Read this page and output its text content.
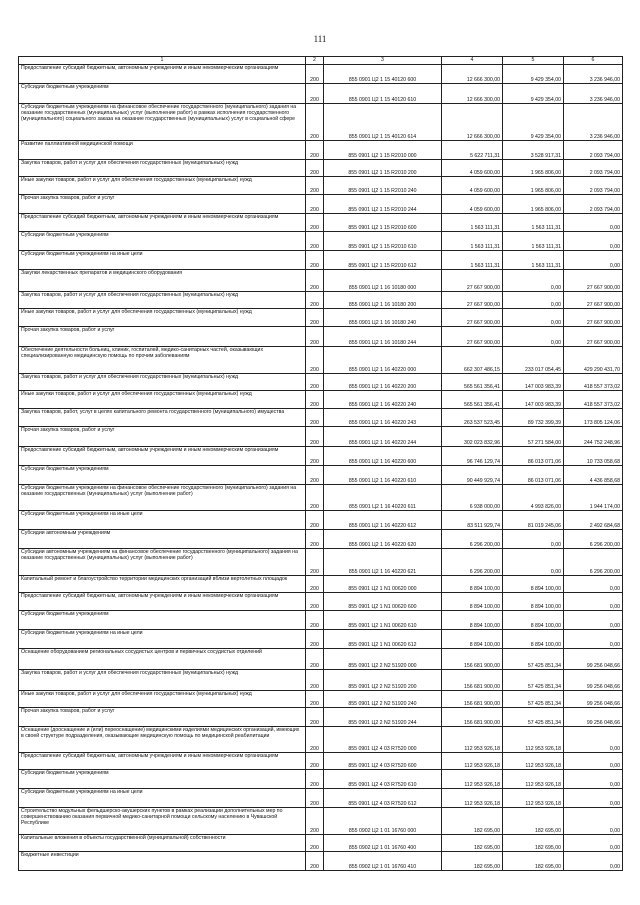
111
1	2	3	4	5	6
Предоставление субсидий бюджетным, автономным учреждениям и иным некоммерческим организациям	200	855 0901 Ц2 1 15 40120 600	12 666 300,00	9 429 354,00	3 236 946,00
Субсидии бюджетным учреждениям	200	855 0901 Ц2 1 15 40120 610	12 666 300,00	9 429 354,00	3 236 946,00
Субсидии бюджетным учреждениям на финансовое обеспечение государственного (муниципального) задания на оказание государственных (муниципальных) услуг (выполнение работ) в рамках исполнения государственного (муниципального) социального заказа на оказание государственных (муниципальных) услуг в социальной сфере	200	855 0901 Ц2 1 15 40120 614	12 666 300,00	9 429 354,00	3 236 946,00
Развитие паллиативной медицинской помощи	200	855 0901 Ц2 1 15 R2010 000	5 622 711,31	3 528 917,31	2 093 794,00
Закупка товаров, работ и услуг для обеспечения государственных (муниципальных) нужд	200	855 0901 Ц2 1 15 R2010 200	4 059 600,00	1 965 806,00	2 093 794,00
Иные закупки товаров, работ и услуг для обеспечения государственных (муниципальных) нужд	200	855 0901 Ц2 1 15 R2010 240	4 059 600,00	1 965 806,00	2 093 794,00
Прочая закупка товаров, работ и услуг	200	855 0901 Ц2 1 15 R2010 244	4 059 600,00	1 965 806,00	2 093 794,00
Предоставление субсидий бюджетным, автономным учреждениям и иным некоммерческим организациям	200	855 0901 Ц2 1 15 R2010 600	1 563 111,31	1 563 111,31	0,00
Субсидии бюджетным учреждениям	200	855 0901 Ц2 1 15 R2010 610	1 563 111,31	1 563 111,31	0,00
Субсидии бюджетным учреждениям на иные цели	200	855 0901 Ц2 1 15 R2010 612	1 563 111,31	1 563 111,31	0,00
Закупки лекарственных препаратов и медицинского оборудования	200	855 0901 Ц2 1 16 10180 000	27 667 900,00	0,00	27 667 900,00
Закупка товаров, работ и услуг для обеспечения государственных (муниципальных) нужд	200	855 0901 Ц2 1 16 10180 200	27 667 900,00	0,00	27 667 900,00
Иные закупки товаров, работ и услуг для обеспечения государственных (муниципальных) нужд	200	855 0901 Ц2 1 16 10180 240	27 667 900,00	0,00	27 667 900,00
Прочая закупка товаров, работ и услуг	200	855 0901 Ц2 1 16 10180 244	27 667 900,00	0,00	27 667 900,00
Обеспечение деятельности больниц, клиник, госпиталей, медико-санитарных частей, оказывающих специализированную медицинскую помощь по прочим заболеваниям	200	855 0901 Ц2 1 16 40220 000	662 307 486,15	233 017 054,45	429 290 431,70
Закупка товаров, работ и услуг для обеспечения государственных (муниципальных) нужд	200	855 0901 Ц2 1 16 40220 200	565 561 356,41	147 003 983,39	418 557 373,02
Иные закупки товаров, работ и услуг для обеспечения государственных (муниципальных) нужд	200	855 0901 Ц2 1 16 40220 240	565 561 356,41	147 003 983,39	418 557 373,02
Закупка товаров, работ, услуг в целях капитального ремонта государственного (муниципального) имущества	200	855 0901 Ц2 1 16 40220 243	263 537 523,45	89 732 399,39	173 805 124,06
Прочая закупка товаров, работ и услуг	200	855 0901 Ц2 1 16 40220 244	302 023 832,96	57 271 584,00	244 752 248,96
Предоставление субсидий бюджетным, автономным учреждениям и иным некоммерческим организациям	200	855 0901 Ц2 1 16 40220 600	96 746 129,74	86 013 071,06	10 733 058,68
Субсидии бюджетным учреждениям	200	855 0901 Ц2 1 16 40220 610	90 449 929,74	86 013 071,06	4 436 858,68
Субсидии бюджетным учреждениям на финансовое обеспечение государственного (муниципального) задания на оказание государственных (муниципальных) услуг (выполнение работ)	200	855 0901 Ц2 1 16 40220 611	6 938 000,00	4 993 826,00	1 944 174,00
Субсидии бюджетным учреждениям на иные цели	200	855 0901 Ц2 1 16 40220 612	83 511 929,74	81 019 245,06	2 492 684,68
Субсидии автономным учреждениям	200	855 0901 Ц2 1 16 40220 620	6 296 200,00	0,00	6 296 200,00
Субсидии автономным учреждениям на финансовое обеспечение государственного (муниципального) задания на оказание государственных (муниципальных) услуг (выполнение работ)	200	855 0901 Ц2 1 16 40220 621	6 296 200,00	0,00	6 296 200,00
Капитальный ремонт и благоустройство территории медицинских организаций вблизи вертолетных площадок	200	855 0901 Ц2 1 N1 00620 000	8 894 100,00	8 894 100,00	0,00
Предоставление субсидий бюджетным, автономным учреждениям и иным некоммерческим организациям	200	855 0901 Ц2 1 N1 00620 600	8 894 100,00	8 894 100,00	0,00
Субсидии бюджетным учреждениям	200	855 0901 Ц2 1 N1 00620 610	8 894 100,00	8 894 100,00	0,00
Субсидии бюджетным учреждениям на иные цели	200	855 0901 Ц2 1 N1 00620 612	8 894 100,00	8 894 100,00	0,00
Оснащение оборудованием региональных сосудистых центров и первичных сосудистых отделений	200	855 0901 Ц2 2 N2 51920 000	156 681 900,00	57 425 851,34	99 256 048,66
Закупка товаров, работ и услуг для обеспечения государственных (муниципальных) нужд	200	855 0901 Ц2 2 N2 51920 200	156 681 900,00	57 425 851,34	99 256 048,66
Иные закупки товаров, работ и услуг для обеспечения государственных (муниципальных) нужд	200	855 0901 Ц2 2 N2 51920 240	156 681 900,00	57 425 851,34	99 256 048,66
Прочая закупка товаров, работ и услуг	200	855 0901 Ц2 2 N2 51920 244	156 681 900,00	57 425 851,34	99 256 048,66
Оснащение (дооснащение и (или) переоснащение) медицинскими изделиями медицинских организаций, имеющих в своей структуре подразделения, оказывающие медицинскую помощь по медицинской реабилитации	200	855 0901 Ц2 4 03 R7520 000	112 953 926,18	112 953 926,18	0,00
Предоставление субсидий бюджетным, автономным учреждениям и иным некоммерческим организациям	200	855 0901 Ц2 4 03 R7520 600	112 953 926,18	112 953 926,18	0,00
Субсидии бюджетным учреждениям	200	855 0901 Ц2 4 03 R7520 610	112 953 926,18	112 953 926,18	0,00
Субсидии бюджетным учреждениям на иные цели	200	855 0901 Ц2 4 03 R7520 612	112 953 926,18	112 953 926,18	0,00
Строительство модульных фельдшерско-акушерских пунктов в рамках реализации дополнительных мер по совершенствованию оказания первичной медико-санитарной помощи сельскому населению в Чувашской Республике	200	855 0902 Ц2 1 01 16760 000	182 695,00	182 695,00	0,00
Капитальные вложения в объекты государственной (муниципальной) собственности	200	855 0902 Ц2 1 01 16760 400	182 695,00	182 695,00	0,00
Бюджетные инвестиции	200	855 0902 Ц2 1 01 16760 410	182 695,00	182 695,00	0,00
